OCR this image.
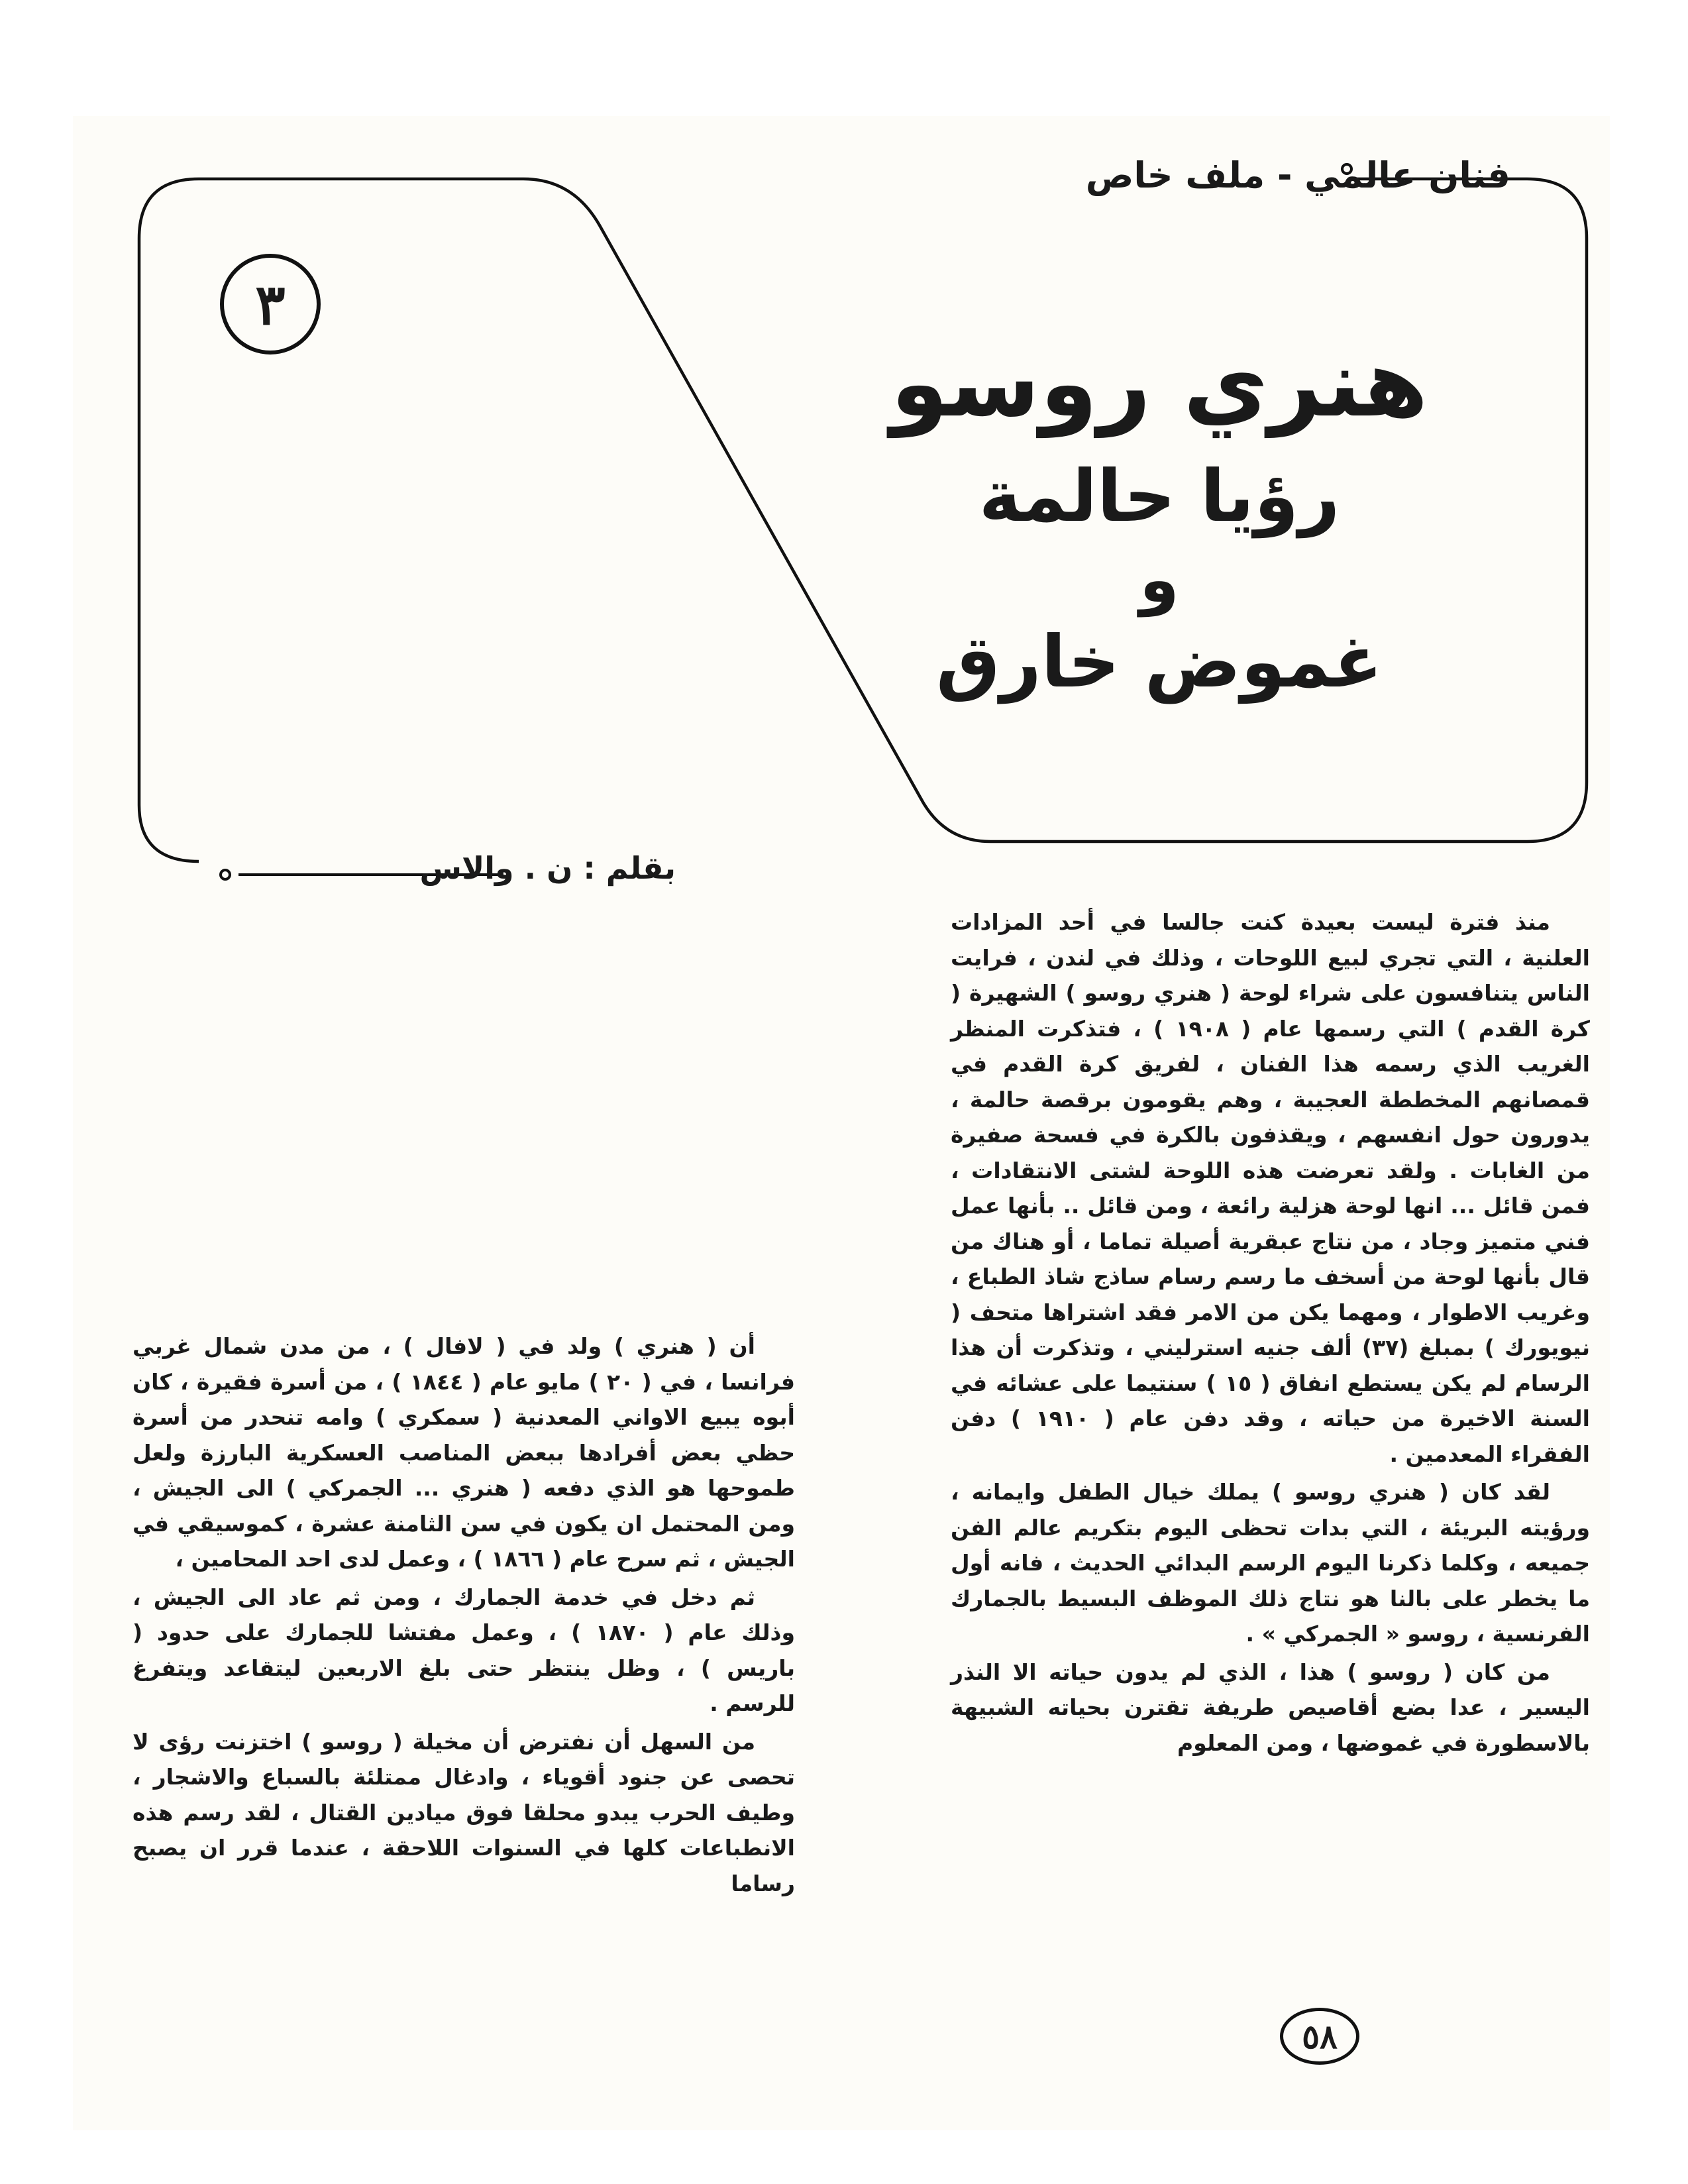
فنان عالمي - ملف خاص
٣
هنري روسو
رؤيا حالمة
و
غموض خارق
بقلم : ن . والاس

منذ فترة ليست بعيدة كنت جالسا في أحد المزادات العلنية ، التي تجري لبيع اللوحات ، وذلك في لندن ، فرايت الناس يتنافسون على شراء لوحة ( هنري روسو ) الشهيرة ( كرة القدم ) التي رسمها عام ( ١٩٠٨ ) ، فتذكرت المنظر الغريب الذي رسمه هذا الفنان ، لفريق كرة القدم في قمصانهم المخططة العجيبة ، وهم يقومون برقصة حالمة ، يدورون حول انفسهم ، ويقذفون بالكرة في فسحة صفيرة من الغابات . ولقد تعرضت هذه اللوحة لشتى الانتقادات ، فمن قائل ... انها لوحة هزلية رائعة ، ومن قائل .. بأنها عمل فني متميز وجاد ، من نتاج عبقرية أصيلة تماما ، أو هناك من قال بأنها لوحة من أسخف ما رسم رسام ساذج شاذ الطباع ، وغريب الاطوار ، ومهما يكن من الامر فقد اشتراها متحف ( نيويورك ) بمبلغ (٣٧) ألف جنيه استرليني ، وتذكرت أن هذا الرسام لم يكن يستطع انفاق ( ١٥ ) سنتيما على عشائه في السنة الاخيرة من حياته ، وقد دفن عام ( ١٩١٠ ) دفن الفقراء المعدمين .

لقد كان ( هنري روسو ) يملك خيال الطفل وايمانه ، ورؤيته البريئة ، التي بدات تحظى اليوم بتكريم عالم الفن جميعه ، وكلما ذكرنا اليوم الرسم البدائي الحديث ، فانه أول ما يخطر على بالنا هو نتاج ذلك الموظف البسيط بالجمارك الفرنسية ، روسو « الجمركي » .

من كان ( روسو ) هذا ، الذي لم يدون حياته الا النذر اليسير ، عدا بضع أقاصيص طريفة تقترن بحياته الشبيهة بالاسطورة في غموضها ، ومن المعلوم

أن ( هنري ) ولد في ( لافال ) ، من مدن شمال غربي فرانسا ، في ( ٢٠ ) مايو عام ( ١٨٤٤ ) ، من أسرة فقيرة ، كان أبوه يبيع الاواني المعدنية ( سمكري ) وامه تنحدر من أسرة حظي بعض أفرادها ببعض المناصب العسكرية البارزة ولعل طموحها هو الذي دفعه ( هنري ... الجمركي ) الى الجيش ، ومن المحتمل ان يكون في سن الثامنة عشرة ، كموسيقي في الجيش ، ثم سرح عام ( ١٨٦٦ ) ، وعمل لدى احد المحامين ،

ثم دخل في خدمة الجمارك ، ومن ثم عاد الى الجيش ، وذلك عام ( ١٨٧٠ ) ، وعمل مفتشا للجمارك على حدود ( باريس ) ، وظل ينتظر حتى بلغ الاربعين ليتقاعد ويتفرغ للرسم .

من السهل أن نفترض أن مخيلة ( روسو ) اختزنت رؤى لا تحصى عن جنود أقوياء ، وادغال ممتلئة بالسباع والاشجار ، وطيف الحرب يبدو محلقا فوق ميادين القتال ، لقد رسم هذه الانطباعات كلها في السنوات اللاحقة ، عندما قرر ان يصبح رساما

٥٨
